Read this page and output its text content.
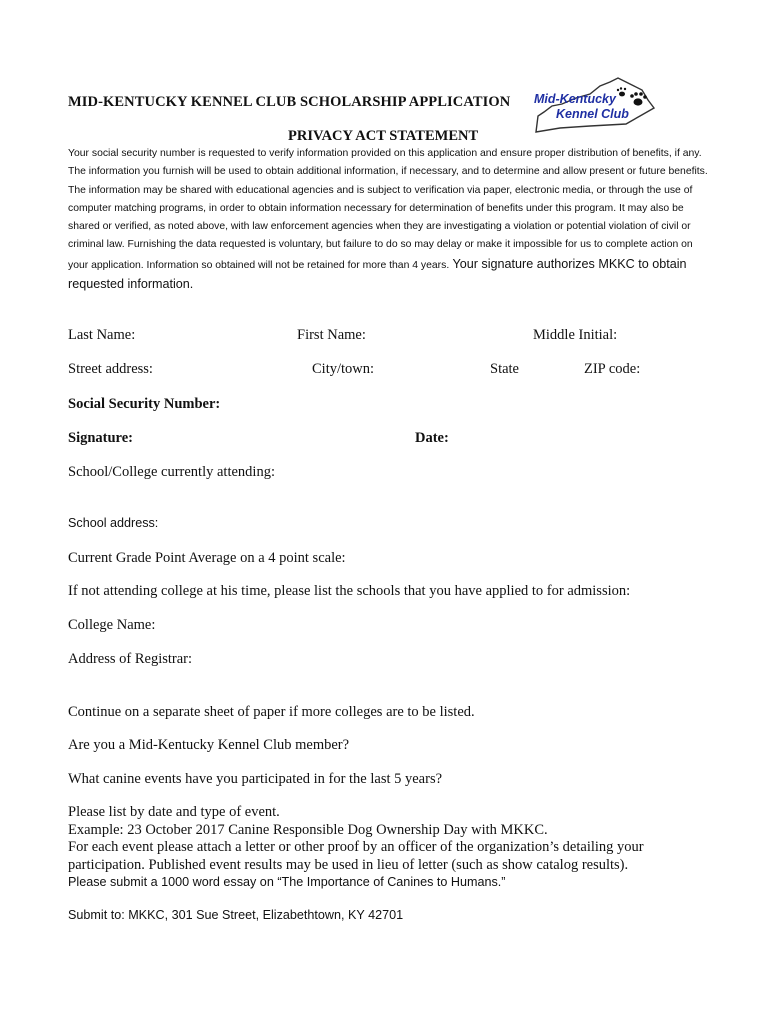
MID-KENTUCKY KENNEL CLUB SCHOLARSHIP APPLICATION
PRIVACY ACT STATEMENT
Mid-Kentucky
Kennel Club
Your social security number is requested to verify information provided on this application and ensure proper distribution of benefits, if any. The information you furnish will be used to obtain additional information, if necessary, and to determine and allow present or future benefits. The information may be shared with educational agencies and is subject to verification via paper, electronic media, or through the use of computer matching programs, in order to obtain information necessary for determination of benefits under this program. It may also be shared or verified, as noted above, with law enforcement agencies when they are investigating a violation or potential violation of civil or criminal law. Furnishing the data requested is voluntary, but failure to do so may delay or make it impossible for us to complete action on your application. Information so obtained will not be retained for more than 4 years. Your signature authorizes MKKC to obtain requested information.
Last Name:	First Name:	Middle Initial:
Street address:	City/town:	State	ZIP code:
Social Security Number:
Signature:	Date:
School/College currently attending:
School address:
Current Grade Point Average on a 4 point scale:
If not attending college at his time, please list the schools that you have applied to for admission:
College Name:
Address of Registrar:
Continue on a separate sheet of paper if more colleges are to be listed.
Are you a Mid-Kentucky Kennel Club member?
What canine events have you participated in for the last 5 years?
Please list by date and type of event.
Example: 23 October 2017 Canine Responsible Dog Ownership Day with MKKC.
For each event please attach a letter or other proof by an officer of the organization’s detailing your participation. Published event results may be used in lieu of letter (such as show catalog results).
Please submit a 1000 word essay on “The Importance of Canines to Humans.”
Submit to: MKKC, 301 Sue Street, Elizabethtown, KY 42701
